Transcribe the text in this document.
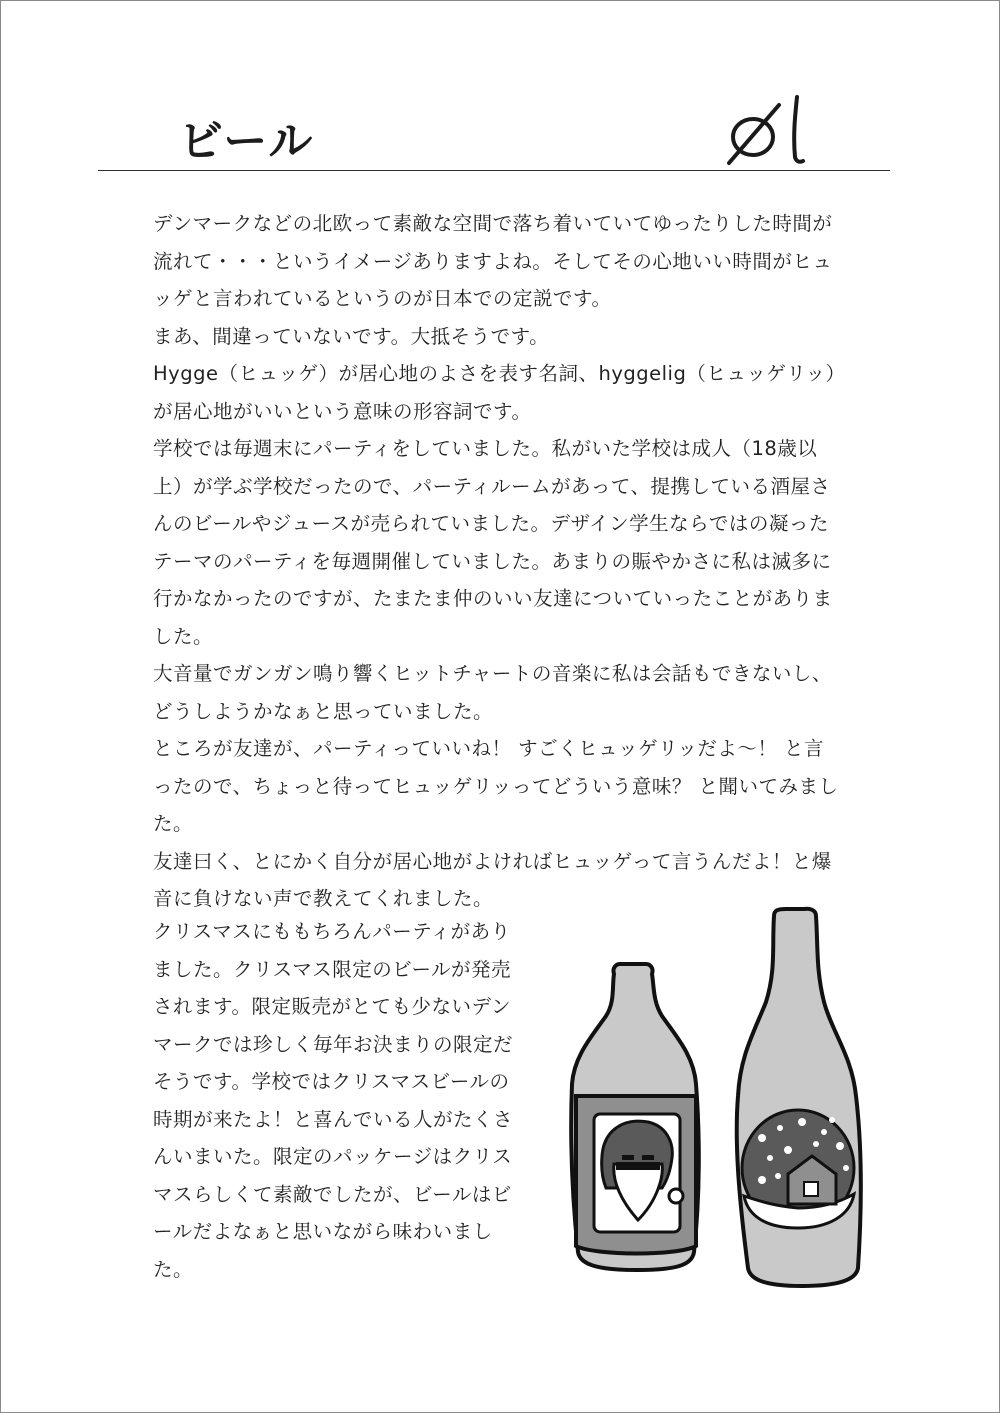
ビール

デンマークなどの北欧って素敵な空間で落ち着いていてゆったりした時間が流れて・・・というイメージありますよね。そしてその心地いい時間がヒュッゲと言われているというのが日本での定説です。

まあ、間違っていないです。大抵そうです。

Hygge（ヒュッゲ）が居心地のよさを表す名詞、hyggelig（ヒュッゲリッ）が居心地がいいという意味の形容詞です。

学校では毎週末にパーティをしていました。私がいた学校は成人（18歳以上）が学ぶ学校だったので、パーティルームがあって、提携している酒屋さんのビールやジュースが売られていました。デザイン学生ならではの凝ったテーマのパーティを毎週開催していました。あまりの賑やかさに私は滅多に行かなかったのですが、たまたま仲のいい友達についていったことがありました。

大音量でガンガン鳴り響くヒットチャートの音楽に私は会話もできないし、どうしようかなぁと思っていました。

ところが友達が、パーティっていいね！ すごくヒュッゲリッだよ〜！ と言ったので、ちょっと待ってヒュッゲリッってどういう意味？ と聞いてみました。

友達曰く、とにかく自分が居心地がよければヒュッゲって言うんだよ！と爆音に負けない声で教えてくれました。

クリスマスにももちろんパーティがありました。クリスマス限定のビールが発売されます。限定販売がとても少ないデンマークでは珍しく毎年お決まりの限定だそうです。学校ではクリスマスビールの時期が来たよ！と喜んでいる人がたくさんいまいた。限定のパッケージはクリスマスらしくて素敵でしたが、ビールはビールだよなぁと思いながら味わいました。
